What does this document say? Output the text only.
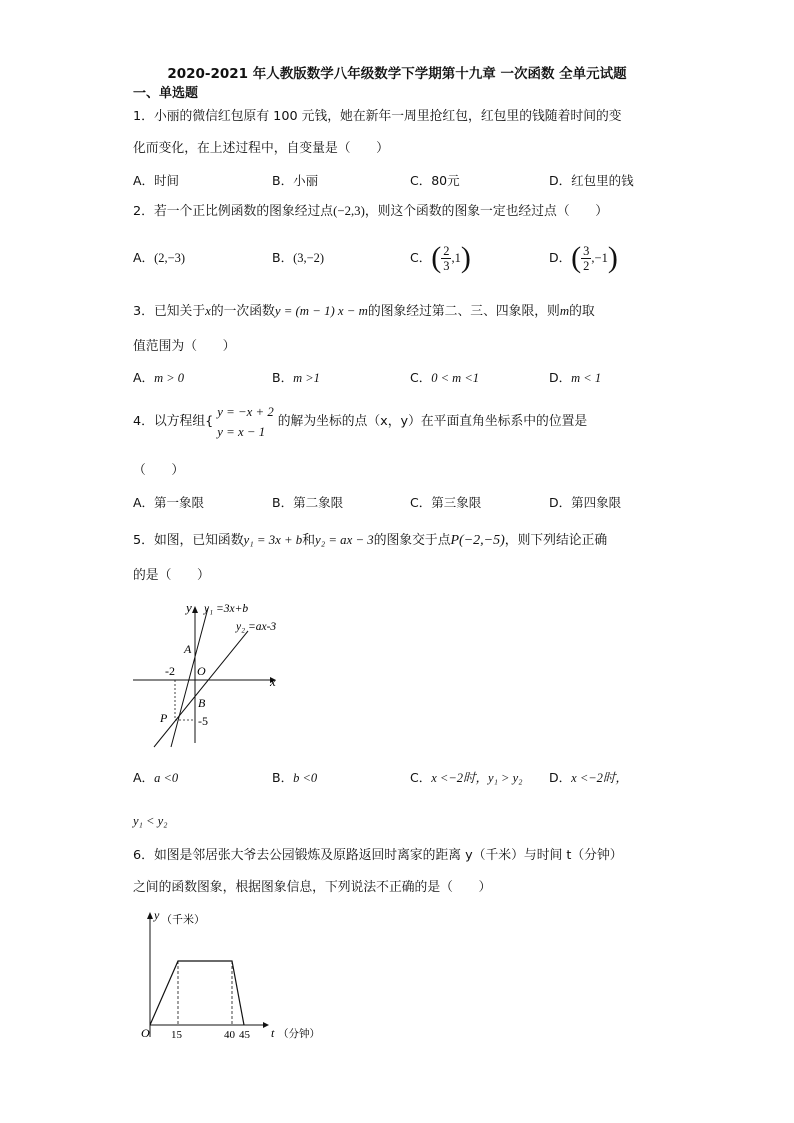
2020-2021 年人教版数学八年级数学下学期第十九章 一次函数 全单元试题
一、单选题
1．小丽的微信红包原有 100 元钱，她在新年一周里抢红包，红包里的钱随着时间的变
化而变化，在上述过程中，自变量是（　　）
A．时间	B．小丽	C．80元	D．红包里的钱
2．若一个正比例函数的图象经过点(−2,3)，则这个函数的图象一定也经过点（　　）
A．(2,−3)	B．(3,−2)	C． ( $\frac{2}{3} ,1$ )	D． ( $\frac{3}{2} ,-1$ )
3．已知关于x的一次函数y = (m − 1) x − m的图象经过第二、三、四象限，则m的取
值范围为（　　）
A．m > 0	B．m >1	C．0 < m <1	D．m < 1
4．以方程组{
y = −x + 2
y = x − 1
的解为坐标的点（x，y）在平面直角坐标系中的位置是
（　　）
A．第一象限	B．第二象限	C．第三象限	D．第四象限
5．如图，已知函数y₁ = 3x + b和y₂ = ax − 3的图象交于点P(−2,−5)，则下列结论正确
的是（　　）
y y₁ =3x+b
y₂ =ax-3
x
A
O
B
P
-2
-5
A．a <0	B．b <0	C．x <−2时，y₁ > y₂ D．x <−2时，
y₁ < y₂
6．如图是邻居张大爷去公园锻炼及原路返回时离家的距离 y（千米）与时间 t（分钟）
之间的函数图象，根据图象信息，下列说法不正确的是（　　）
y （千米）
O 15	40 45 t （分钟）
